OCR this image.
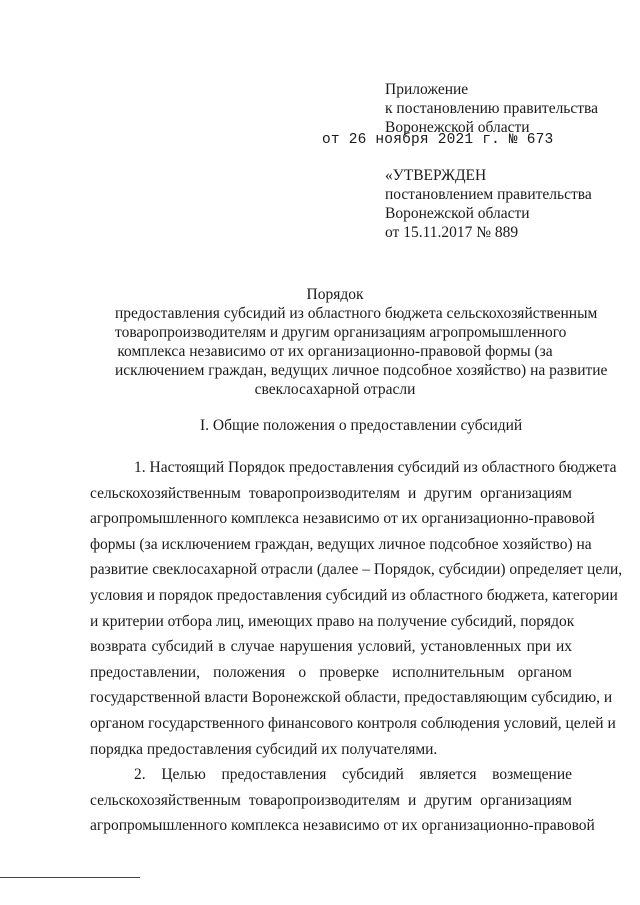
Приложение
к постановлению правительства
Воронежской области
от 26 ноября 2021 г. № 673
«УТВЕРЖДЕН
постановлением правительства
Воронежской области
от 15.11.2017 № 889
Порядок
предоставления субсидий из областного бюджета сельскохозяйственным
товаропроизводителям и другим организациям агропромышленного
комплекса независимо от их организационно-правовой формы (за
исключением граждан, ведущих личное подсобное хозяйство) на развитие
свеклосахарной отрасли
I. Общие положения о предоставлении субсидий
1. Настоящий Порядок предоставления субсидий из областного бюджета
сельскохозяйственным товаропроизводителям и другим организациям
агропромышленного комплекса независимо от их организационно-правовой
формы (за исключением граждан, ведущих личное подсобное хозяйство) на
развитие свеклосахарной отрасли (далее – Порядок, субсидии) определяет цели,
условия и порядок предоставления субсидий из областного бюджета, категории
и критерии отбора лиц, имеющих право на получение субсидий, порядок
возврата субсидий в случае нарушения условий, установленных при их
предоставлении, положения о проверке исполнительным органом
государственной власти Воронежской области, предоставляющим субсидию, и
органом государственного финансового контроля соблюдения условий, целей и
порядка предоставления субсидий их получателями.
2. Целью предоставления субсидий является возмещение
сельскохозяйственным товаропроизводителям и другим организациям
агропромышленного комплекса независимо от их организационно-правовой
